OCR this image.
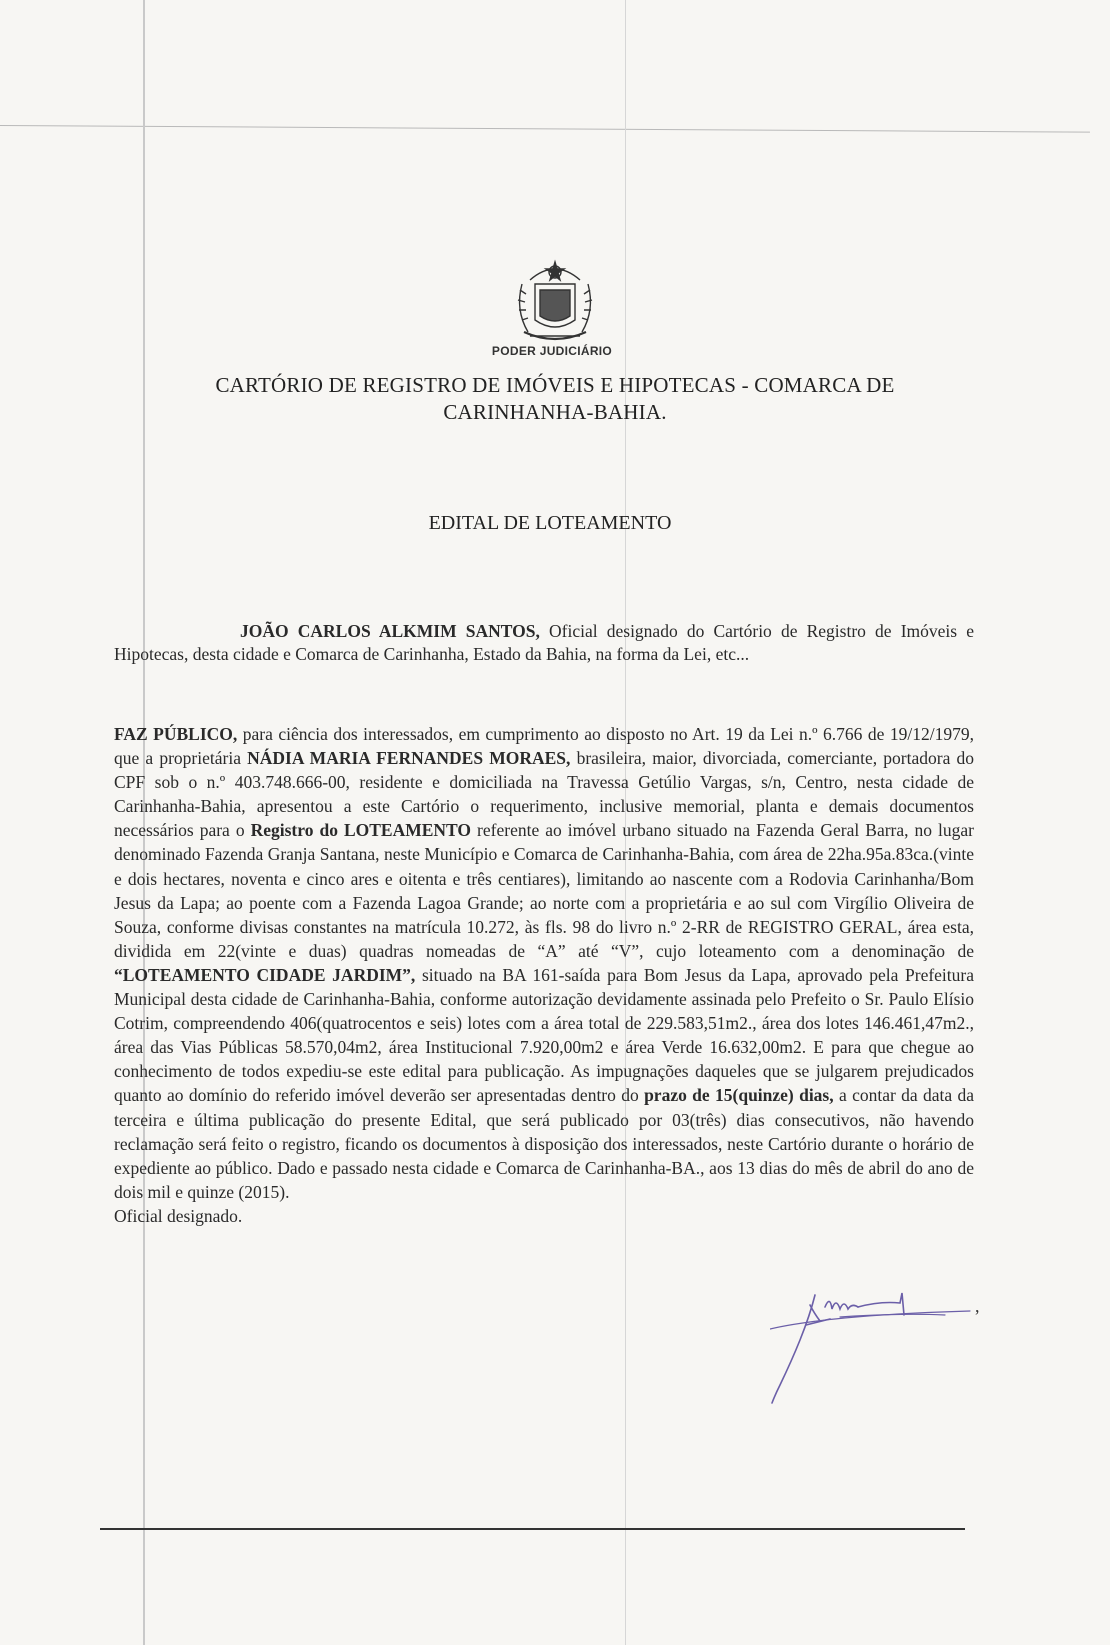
PODER JUDICIÁRIO
CARTÓRIO DE REGISTRO DE IMÓVEIS E HIPOTECAS - COMARCA DE CARINHANHA-BAHIA.
EDITAL DE LOTEAMENTO
JOÃO CARLOS ALKMIM SANTOS, Oficial designado do Cartório de Registro de Imóveis e Hipotecas, desta cidade e Comarca de Carinhanha, Estado da Bahia, na forma da Lei, etc...
FAZ PÚBLICO, para ciência dos interessados, em cumprimento ao disposto no Art. 19 da Lei n.º 6.766 de 19/12/1979, que a proprietária NÁDIA MARIA FERNANDES MORAES, brasileira, maior, divorciada, comerciante, portadora do CPF sob o n.º 403.748.666-00, residente e domiciliada na Travessa Getúlio Vargas, s/n, Centro, nesta cidade de Carinhanha-Bahia, apresentou a este Cartório o requerimento, inclusive memorial, planta e demais documentos necessários para o Registro do LOTEAMENTO referente ao imóvel urbano situado na Fazenda Geral Barra, no lugar denominado Fazenda Granja Santana, neste Município e Comarca de Carinhanha-Bahia, com área de 22ha.95a.83ca.(vinte e dois hectares, noventa e cinco ares e oitenta e três centiares), limitando ao nascente com a Rodovia Carinhanha/Bom Jesus da Lapa; ao poente com a Fazenda Lagoa Grande; ao norte com a proprietária e ao sul com Virgílio Oliveira de Souza, conforme divisas constantes na matrícula 10.272, às fls. 98 do livro n.º 2-RR de REGISTRO GERAL, área esta, dividida em 22(vinte e duas) quadras nomeadas de “A” até “V”, cujo loteamento com a denominação de “LOTEAMENTO CIDADE JARDIM”, situado na BA 161-saída para Bom Jesus da Lapa, aprovado pela Prefeitura Municipal desta cidade de Carinhanha-Bahia, conforme autorização devidamente assinada pelo Prefeito o Sr. Paulo Elísio Cotrim, compreendendo 406(quatrocentos e seis) lotes com a área total de 229.583,51m2., área dos lotes 146.461,47m2., área das Vias Públicas 58.570,04m2, área Institucional 7.920,00m2 e área Verde 16.632,00m2. E para que chegue ao conhecimento de todos expediu-se este edital para publicação. As impugnações daqueles que se julgarem prejudicados quanto ao domínio do referido imóvel deverão ser apresentadas dentro do prazo de 15(quinze) dias, a contar da data da terceira e última publicação do presente Edital, que será publicado por 03(três) dias consecutivos, não havendo reclamação será feito o registro, ficando os documentos à disposição dos interessados, neste Cartório durante o horário de expediente ao público. Dado e passado nesta cidade e Comarca de Carinhanha-BA., aos 13 dias do mês de abril do ano de dois mil e quinze (2015).
Oficial designado.
,
